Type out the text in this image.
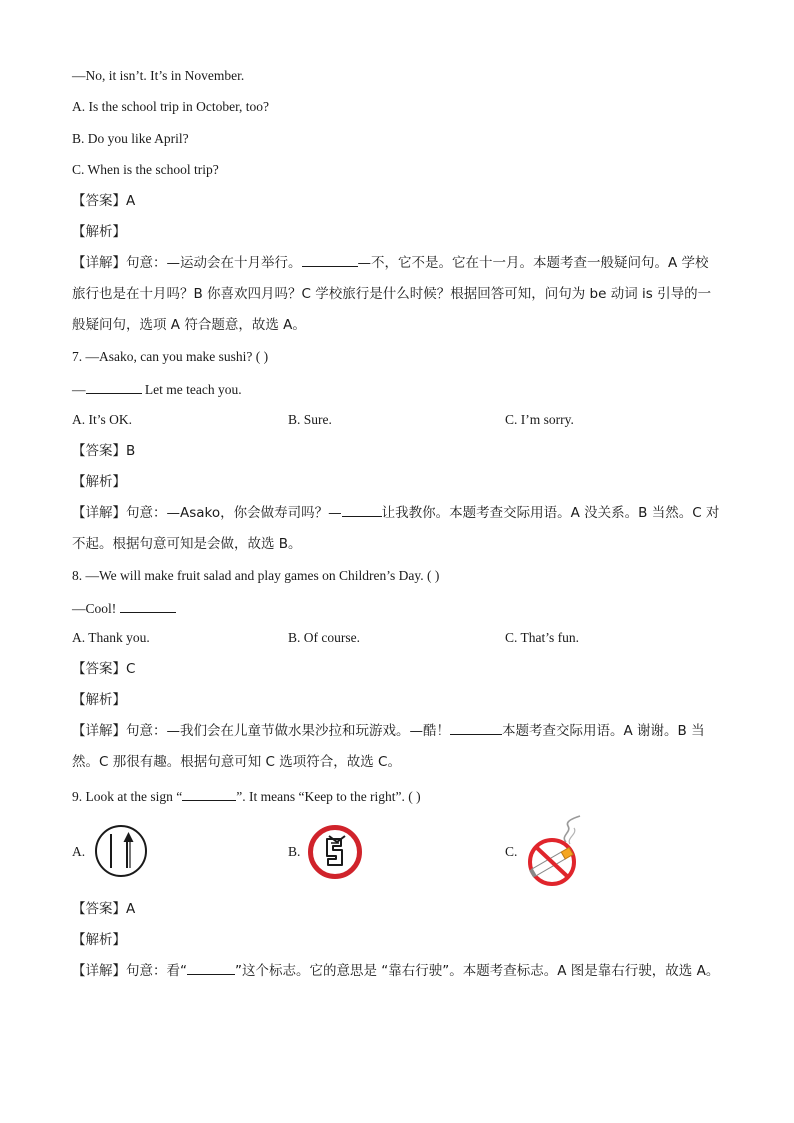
—No, it isn’t. It’s in November.
A. Is the school trip in October, too?
B. Do you like April?
C. When is the school trip?
【答案】A
【解析】
【详解】句意：—运动会在十月举行。	—不，它不是。它在十一月。本题考查一般疑问句。A 学校旅行也是在十月吗？B 你喜欢四月吗？C 学校旅行是什么时候？根据回答可知，问句为 be 动词 is 引导的一般疑问句，选项 A 符合题意，故选 A。
7. —Asako, can you make sushi? ( )
—	Let me teach you.
A. It’s OK.	B. Sure.	C. I’m sorry.
【答案】B
【解析】
【详解】句意：—Asako，你会做寿司吗？—	让我教你。本题考查交际用语。A 没关系。B 当然。C 对不起。根据句意可知是会做，故选 B。
8. —We will make fruit salad and play games on Children’s Day. ( )
—Cool!
A. Thank you.	B. Of course.	C. That’s fun.
【答案】C
【解析】
【详解】句意：—我们会在儿童节做水果沙拉和玩游戏。—酷！	本题考查交际用语。A 谢谢。B 当然。C 那很有趣。根据句意可知 C 选项符合，故选 C。
9. Look at the sign “	”. It means “Keep to the right”. ( )
A.	B.	C.
【答案】A
【解析】
【详解】句意：看“	”这个标志。它的意思是 “靠右行驶”。本题考查标志。A 图是靠右行驶，故选 A。
